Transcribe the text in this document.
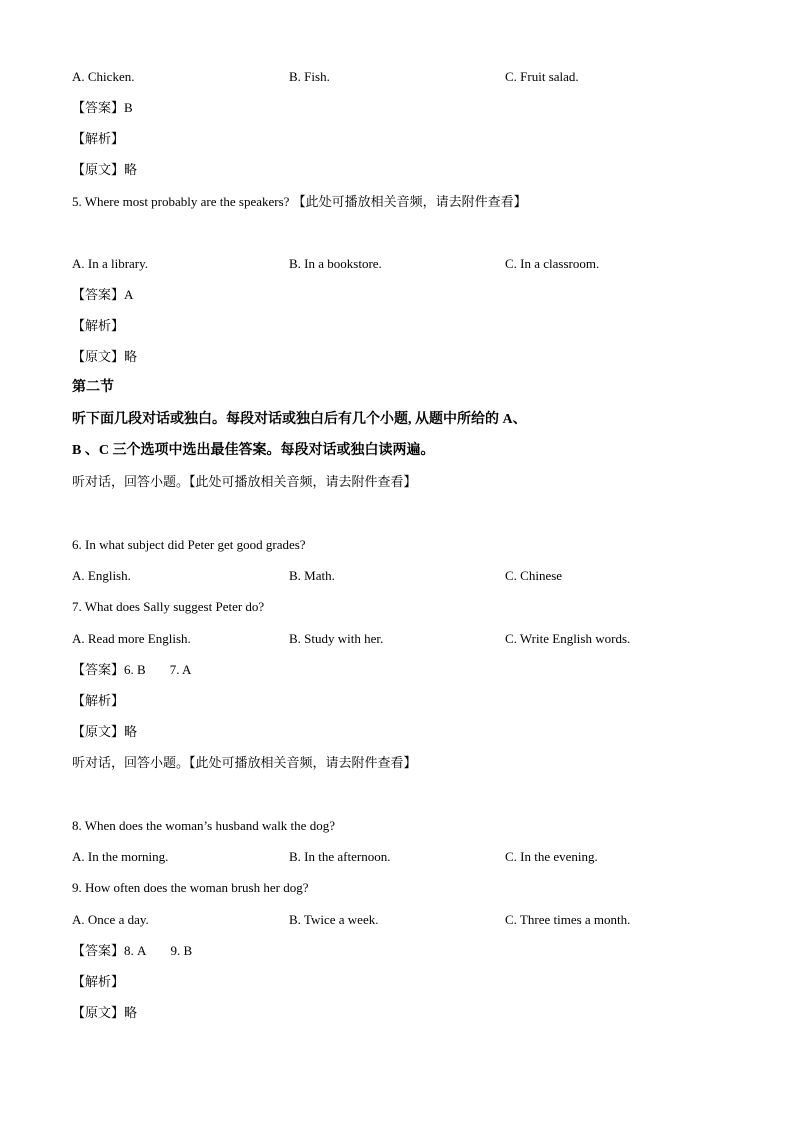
A. Chicken.	B. Fish.	C. Fruit salad.
【 答案 】 B
【 解析 】
【 原文 】 略
5. Where most probably are the speakers? 【此处可播放相关音频，请去附件查看】
A. In a library.	B. In a bookstore.	C. In a classroom.
【 答案 】 A
【 解析 】
【 原文 】 略
第二节
听下面几段对话或独白。每段对话或独白后有几个小题, 从题中所给的 A、
B 、C 三个选项中选出最佳答案。每段对话或独白读两遍。
听对话，回答小题。【此处可播放相关音频，请去附件查看】
6. In what subject did Peter get good grades?
A. English.	B. Math.	C. Chinese
7. What does Sally suggest Peter do?
A. Read more English.	B. Study with her.	C. Write English words.
【 答案 】 6. B 7. A
【 解析 】
【 原文 】 略
听对话，回答小题。【此处可播放相关音频，请去附件查看】
8. When does the woman’s husband walk the dog?
A. In the morning.	B. In the afternoon.	C. In the evening.
9. How often does the woman brush her dog?
A. Once a day.	B. Twice a week.	C. Three times a month.
【 答案 】 8. A 9. B
【 解析 】
【 原文 】 略
